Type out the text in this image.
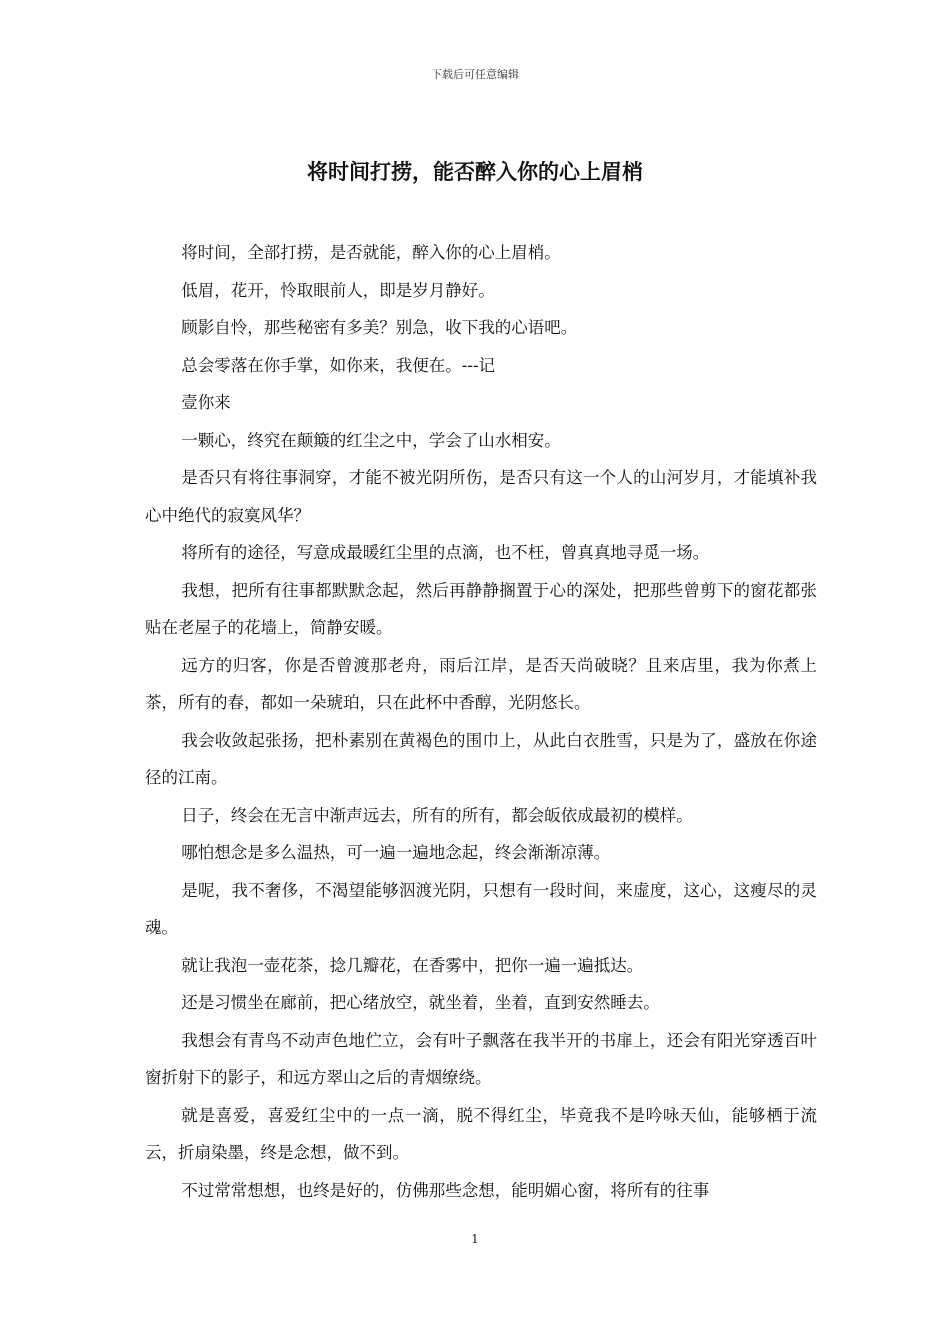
下载后可任意编辑
将时间打捞，能否醉入你的心上眉梢

将时间，全部打捞，是否就能，醉入你的心上眉梢。

低眉，花开，怜取眼前人，即是岁月静好。

顾影自怜，那些秘密有多美？别急，收下我的心语吧。

总会零落在你手掌，如你来，我便在。---记

壹你来

一颗心，终究在颠簸的红尘之中，学会了山水相安。

是否只有将往事洞穿，才能不被光阴所伤，是否只有这一个人的山河岁月，才能填补我心中绝代的寂寞风华？

将所有的途径，写意成最暖红尘里的点滴，也不枉，曾真真地寻觅一场。

我想，把所有往事都默默念起，然后再静静搁置于心的深处，把那些曾剪下的窗花都张贴在老屋子的花墙上，简静安暖。

远方的归客，你是否曾渡那老舟，雨后江岸，是否天尚破晓？且来店里，我为你煮上茶，所有的春，都如一朵琥珀，只在此杯中香醇，光阴悠长。

我会收敛起张扬，把朴素别在黄褐色的围巾上，从此白衣胜雪，只是为了，盛放在你途径的江南。

日子，终会在无言中渐声远去，所有的所有，都会皈依成最初的模样。

哪怕想念是多么温热，可一遍一遍地念起，终会渐渐凉薄。

是呢，我不奢侈，不渴望能够泅渡光阴，只想有一段时间，来虚度，这心，这瘦尽的灵魂。

就让我泡一壶花茶，捻几瓣花，在香雾中，把你一遍一遍抵达。

还是习惯坐在廊前，把心绪放空，就坐着，坐着，直到安然睡去。

我想会有青鸟不动声色地伫立，会有叶子飘落在我半开的书扉上，还会有阳光穿透百叶窗折射下的影子，和远方翠山之后的青烟缭绕。

就是喜爱，喜爱红尘中的一点一滴，脱不得红尘，毕竟我不是吟咏天仙，能够栖于流云，折扇染墨，终是念想，做不到。

不过常常想想，也终是好的，仿佛那些念想，能明媚心窗，将所有的往事

1
